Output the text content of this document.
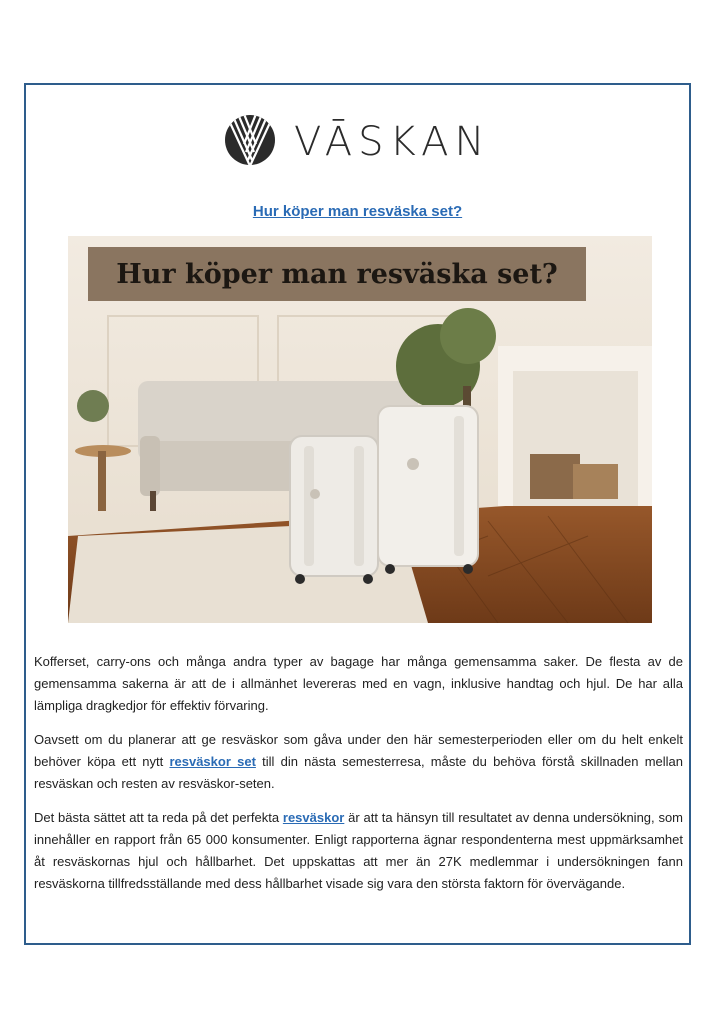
VĀSKAN
Hur köper man resväska set?
Hur köper man resväska set?

Kofferset, carry-ons och många andra typer av bagage har många gemensamma saker. De flesta av de gemensamma sakerna är att de i allmänhet levereras med en vagn, inklusive handtag och hjul. De har alla lämpliga dragkedjor för effektiv förvaring.

Oavsett om du planerar att ge resväskor som gåva under den här semesterperioden eller om du helt enkelt behöver köpa ett nytt resväskor set till din nästa semesterresa, måste du behöva förstå skillnaden mellan resväskan och resten av resväskor-seten.

Det bästa sättet att ta reda på det perfekta resväskor är att ta hänsyn till resultatet av denna undersökning, som innehåller en rapport från 65 000 konsumenter. Enligt rapporterna ägnar respondenterna mest uppmärksamhet åt resväskornas hjul och hållbarhet. Det uppskattas att mer än 27K medlemmar i undersökningen fann resväskorna tillfredsställande med dess hållbarhet visade sig vara den största faktorn för övervägande.
